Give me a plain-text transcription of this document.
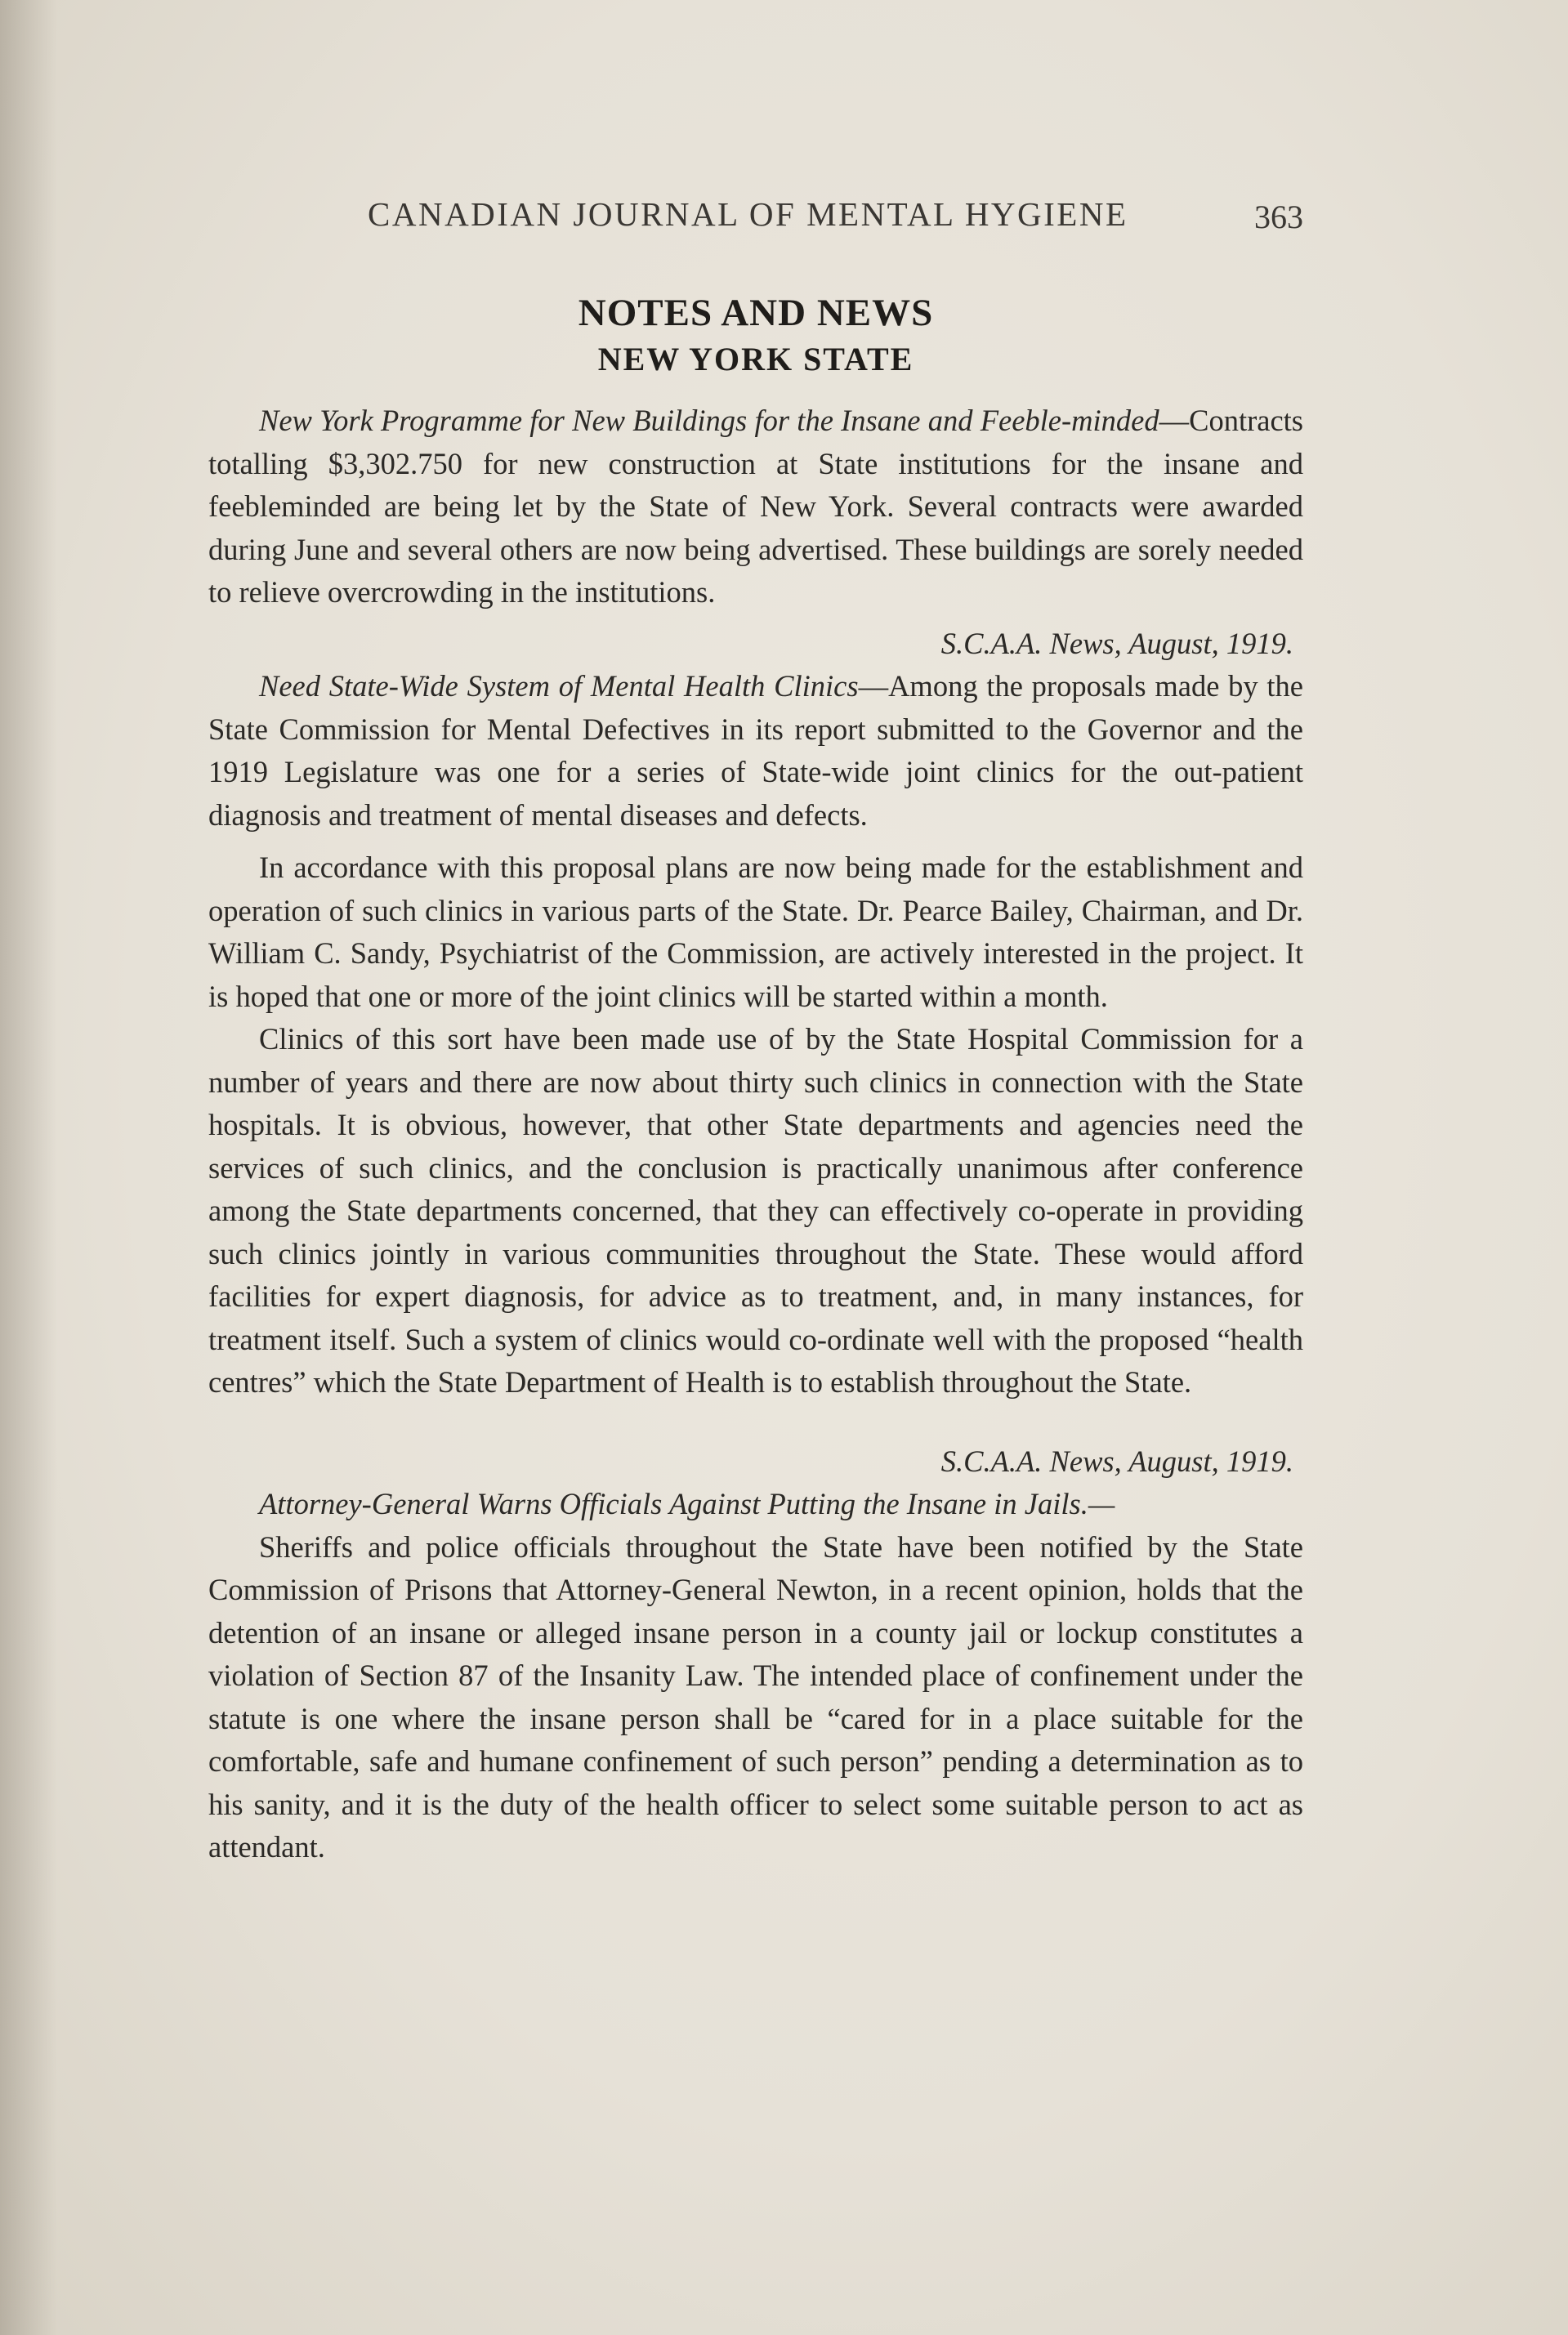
CANADIAN JOURNAL OF MENTAL HYGIENE	363
NOTES AND NEWS
NEW YORK STATE

New York Programme for New Buildings for the Insane and Feeble-minded—Contracts totalling $3,302.750 for new construction at State institutions for the insane and feebleminded are being let by the State of New York. Several contracts were awarded during June and several others are now being advertised. These buildings are sorely needed to relieve overcrowding in the institutions.

S.C.A.A. News, August, 1919.

Need State-Wide System of Mental Health Clinics—Among the proposals made by the State Commission for Mental Defectives in its report submitted to the Governor and the 1919 Legislature was one for a series of State-wide joint clinics for the out-patient diagnosis and treatment of mental diseases and defects.

In accordance with this proposal plans are now being made for the establishment and operation of such clinics in various parts of the State. Dr. Pearce Bailey, Chairman, and Dr. William C. Sandy, Psychiatrist of the Commission, are actively interested in the project. It is hoped that one or more of the joint clinics will be started within a month.

Clinics of this sort have been made use of by the State Hospital Commission for a number of years and there are now about thirty such clinics in connection with the State hospitals. It is obvious, however, that other State departments and agencies need the services of such clinics, and the conclusion is practically unanimous after conference among the State departments concerned, that they can effectively co-operate in providing such clinics jointly in various communities throughout the State. These would afford facilities for expert diagnosis, for advice as to treatment, and, in many instances, for treatment itself. Such a system of clinics would co-ordinate well with the proposed “health centres” which the State Department of Health is to establish throughout the State.

S.C.A.A. News, August, 1919.

Attorney-General Warns Officials Against Putting the Insane in Jails.—

Sheriffs and police officials throughout the State have been notified by the State Commission of Prisons that Attorney-General Newton, in a recent opinion, holds that the detention of an insane or alleged insane person in a county jail or lockup constitutes a violation of Section 87 of the Insanity Law. The intended place of confinement under the statute is one where the insane person shall be “cared for in a place suitable for the comfortable, safe and humane confinement of such person” pending a determination as to his sanity, and it is the duty of the health officer to select some suitable person to act as attendant.
